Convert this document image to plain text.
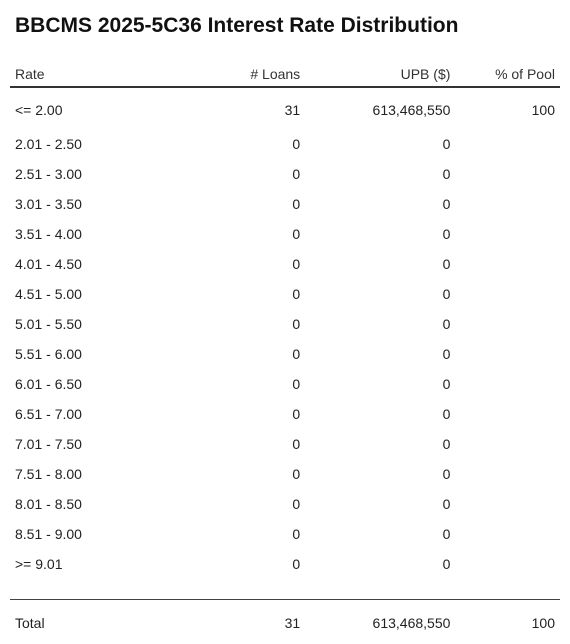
BBCMS 2025-5C36 Interest Rate Distribution
Rate	# Loans	UPB ($)	% of Pool
<= 2.00	31	613,468,550	100
2.01 - 2.50	0	0	
2.51 - 3.00	0	0	
3.01 - 3.50	0	0	
3.51 - 4.00	0	0	
4.01 - 4.50	0	0	
4.51 - 5.00	0	0	
5.01 - 5.50	0	0	
5.51 - 6.00	0	0	
6.01 - 6.50	0	0	
6.51 - 7.00	0	0	
7.01 - 7.50	0	0	
7.51 - 8.00	0	0	
8.01 - 8.50	0	0	
8.51 - 9.00	0	0	
>= 9.01	0	0	

Total	31	613,468,550	100
